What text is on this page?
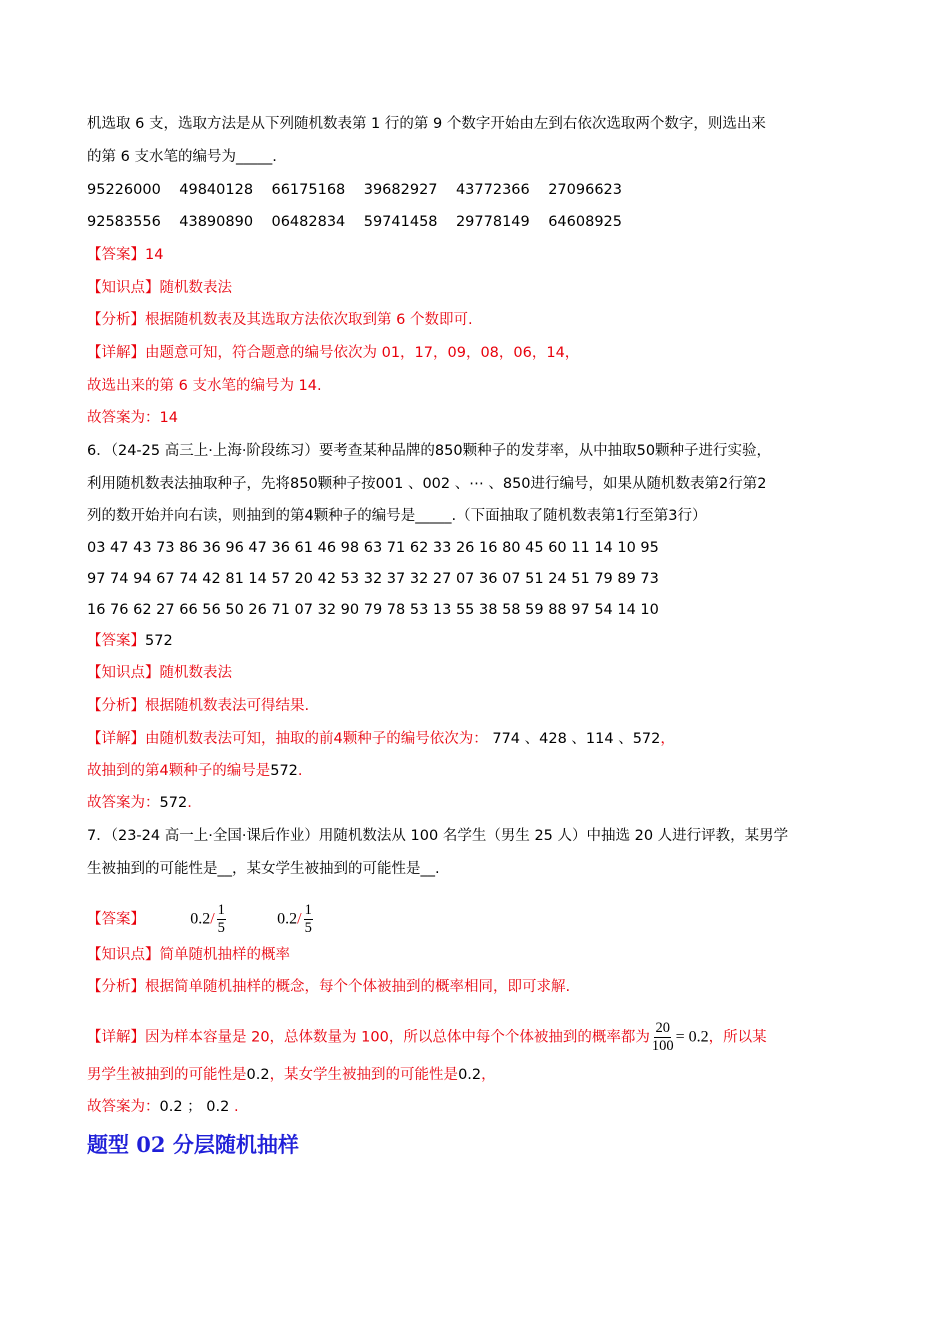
机选取 6 支，选取方法是从下列随机数表第 1 行的第 9 个数字开始由左到右依次选取两个数字，则选出来
的第 6 支水笔的编号为_____.
95226000    49840128    66175168    39682927    43772366    27096623
92583556    43890890    06482834    59741458    29778149    64608925
【答案】14
【知识点】随机数表法
【分析】根据随机数表及其选取方法依次取到第 6 个数即可.
【详解】由题意可知，符合题意的编号依次为 01，17，09，08，06，14，
故选出来的第 6 支水笔的编号为 14.
故答案为：14
6．（24-25 高三上·上海·阶段练习）要考查某种品牌的850颗种子的发芽率，从中抽取50颗种子进行实验，
利用随机数表法抽取种子，先将850颗种子按001 、002 、⋯ 、850进行编号，如果从随机数表第2行第2
列的数开始并向右读，则抽到的第4颗种子的编号是_____.（下面抽取了随机数表第1行至第3行）
03 47 43 73 86 36 96 47 36 61 46 98 63 71 62 33 26 16 80 45 60 11 14 10 95
97 74 94 67 74 42 81 14 57 20 42 53 32 37 32 27 07 36 07 51 24 51 79 89 73
16 76 62 27 66 56 50 26 71 07 32 90 79 78 53 13 55 38 58 59 88 97 54 14 10
【答案】572
【知识点】随机数表法
【分析】根据随机数表法可得结果.
【详解】由随机数表法可知，抽取的前4颗种子的编号依次为： 774 、428 、114 、572，
故抽到的第4颗种子的编号是572.
故答案为：572.
7．（23-24 高一上·全国·课后作业）用随机数法从 100 名学生（男生 25 人）中抽选 20 人进行评教，某男学
生被抽到的可能性是__，某女学生被抽到的可能性是__.
【知识点】简单随机抽样的概率
【分析】根据简单随机抽样的概念，每个个体被抽到的概率相同，即可求解.
男学生被抽到的可能性是0.2，某女学生被抽到的可能性是0.2，
故答案为：0.2 ； 0.2 .
【答案】	$0.2/ \frac{1}{5}$	$0.2/ \frac{1}{5}$
【详解】因为样本容量是 20，总体数量为 100，所以总体中每个个体被抽到的概率都为 $\frac{20}{100} = 0.2$，所以某
题型 02 分层随机抽样
